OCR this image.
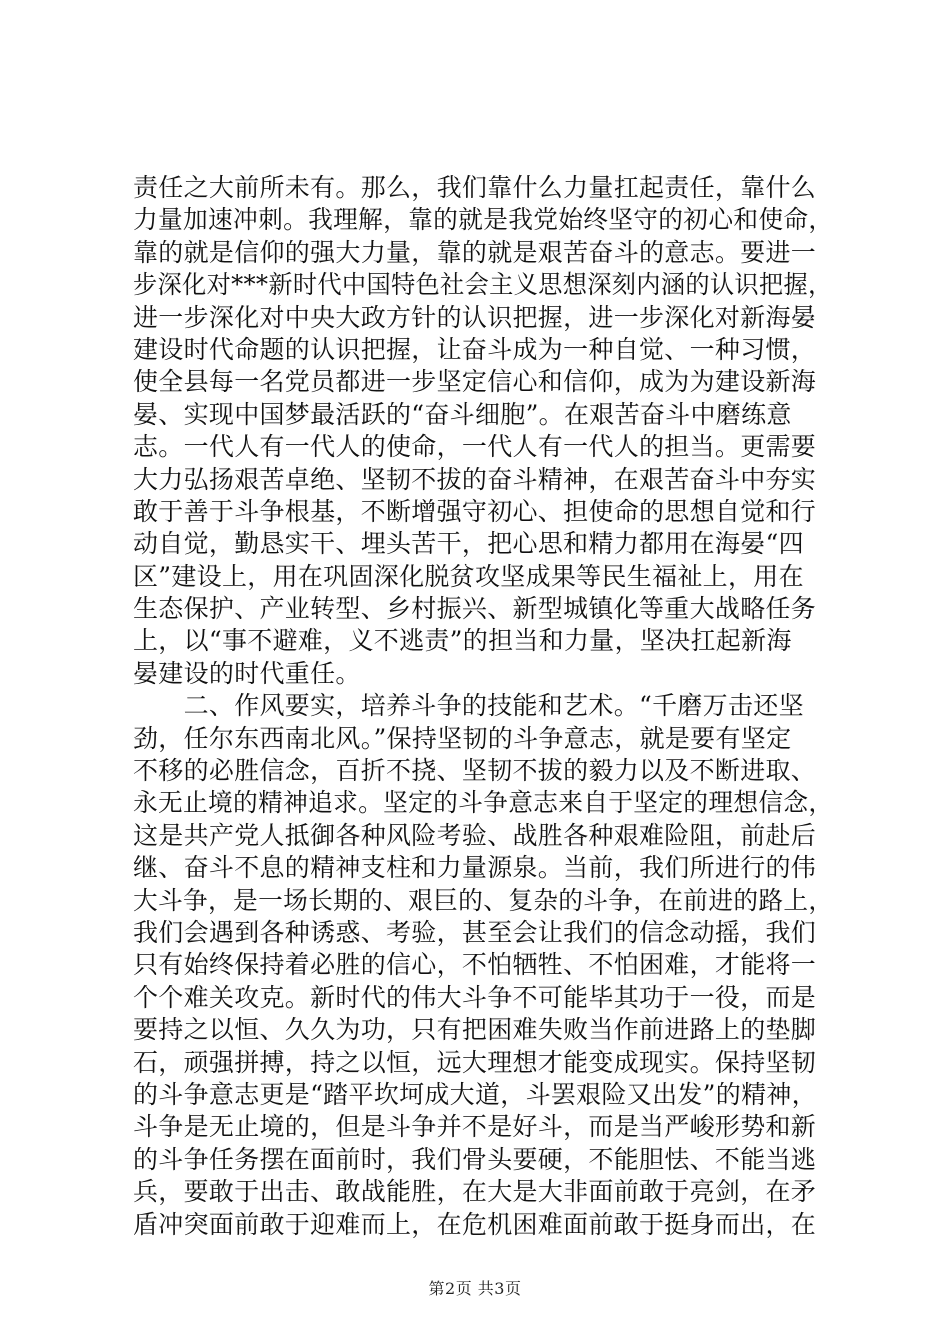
责任之大前所未有。那么，我们靠什么力量扛起责任，靠什么
力量加速冲刺。我理解，靠的就是我党始终坚守的初心和使命，
靠的就是信仰的强大力量，靠的就是艰苦奋斗的意志。要进一
步深化对***新时代中国特色社会主义思想深刻内涵的认识把握，
进一步深化对中央大政方针的认识把握，进一步深化对新海晏
建设时代命题的认识把握，让奋斗成为一种自觉、一种习惯，
使全县每一名党员都进一步坚定信心和信仰，成为为建设新海
晏、实现中国梦最活跃的“奋斗细胞”。在艰苦奋斗中磨练意
志。一代人有一代人的使命，一代人有一代人的担当。更需要
大力弘扬艰苦卓绝、坚韧不拔的奋斗精神，在艰苦奋斗中夯实
敢于善于斗争根基，不断增强守初心、担使命的思想自觉和行
动自觉，勤恳实干、埋头苦干，把心思和精力都用在海晏“四
区”建设上，用在巩固深化脱贫攻坚成果等民生福祉上，用在
生态保护、产业转型、乡村振兴、新型城镇化等重大战略任务
上，以“事不避难，义不逃责”的担当和力量，坚决扛起新海
晏建设的时代重任。
　　二、作风要实，培养斗争的技能和艺术。“千磨万击还坚
劲，任尔东西南北风。”保持坚韧的斗争意志，就是要有坚定
不移的必胜信念，百折不挠、坚韧不拔的毅力以及不断进取、
永无止境的精神追求。坚定的斗争意志来自于坚定的理想信念，
这是共产党人抵御各种风险考验、战胜各种艰难险阻，前赴后
继、奋斗不息的精神支柱和力量源泉。当前，我们所进行的伟
大斗争，是一场长期的、艰巨的、复杂的斗争，在前进的路上，
我们会遇到各种诱惑、考验，甚至会让我们的信念动摇，我们
只有始终保持着必胜的信心，不怕牺牲、不怕困难，才能将一
个个难关攻克。新时代的伟大斗争不可能毕其功于一役，而是
要持之以恒、久久为功，只有把困难失败当作前进路上的垫脚
石，顽强拼搏，持之以恒，远大理想才能变成现实。保持坚韧
的斗争意志更是“踏平坎坷成大道，斗罢艰险又出发”的精神，
斗争是无止境的，但是斗争并不是好斗，而是当严峻形势和新
的斗争任务摆在面前时，我们骨头要硬，不能胆怯、不能当逃
兵，要敢于出击、敢战能胜，在大是大非面前敢于亮剑，在矛
盾冲突面前敢于迎难而上，在危机困难面前敢于挺身而出，在
第2页 共3页
